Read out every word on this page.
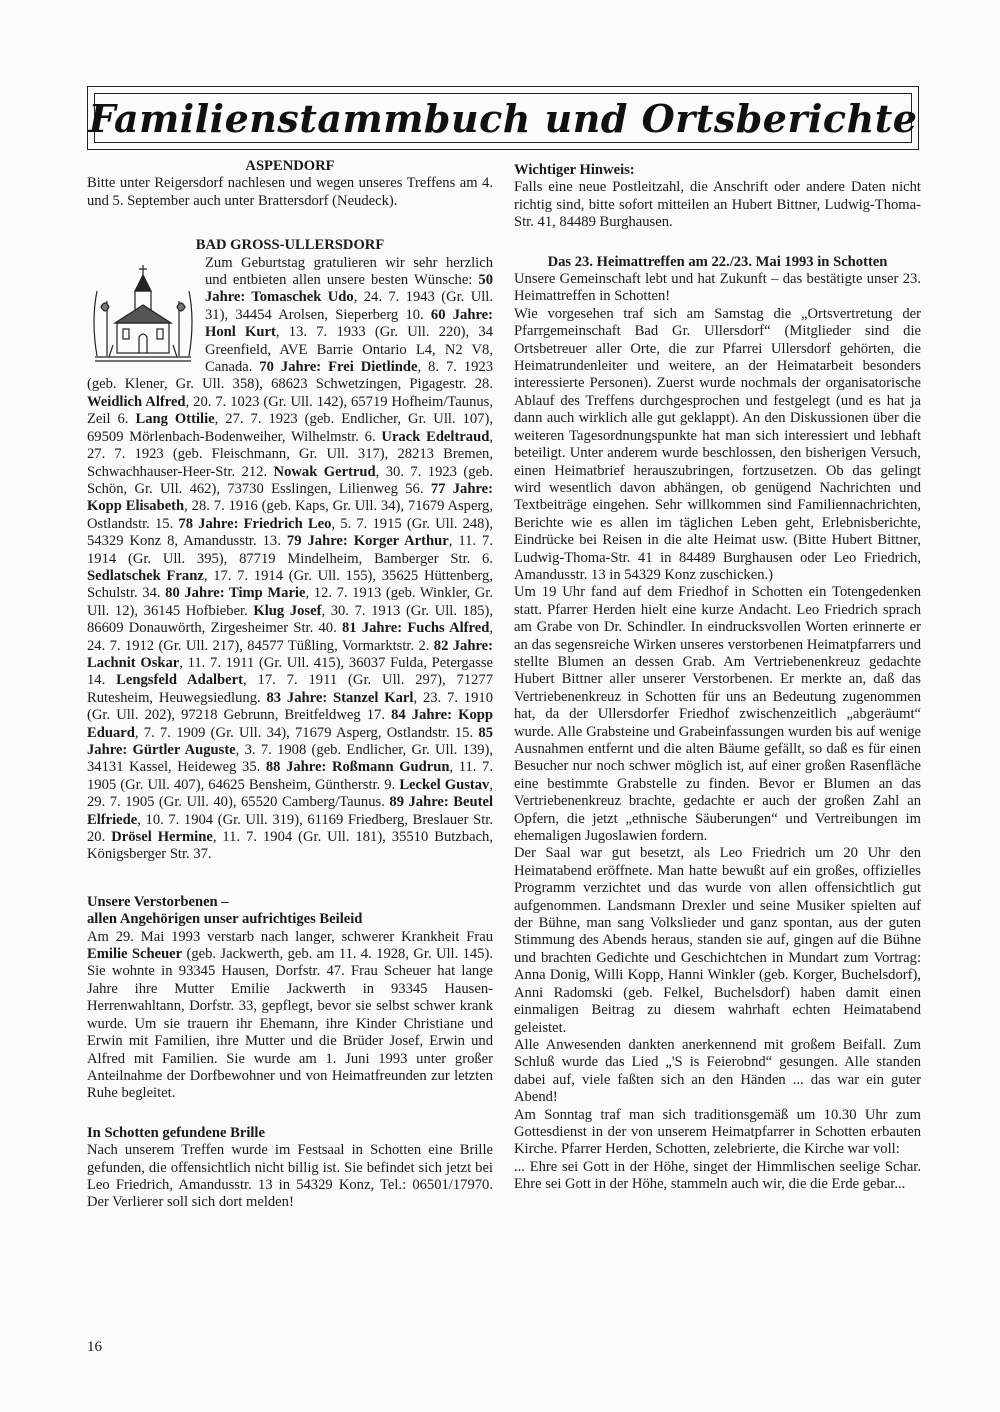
Familienstammbuch und Ortsberichte

ASPENDORF

Bitte unter Reigersdorf nachlesen und wegen unseres Treffens am 4. und 5. September auch unter Brattersdorf (Neudeck).

BAD GROSS-ULLERSDORF

Zum Geburtstag gratulieren wir sehr herzlich und entbieten allen unsere besten Wünsche: 50 Jahre: Tomaschek Udo, 24. 7. 1943 (Gr. Ull. 31), 34454 Arolsen, Sieperberg 10. 60 Jahre: Honl Kurt, 13. 7. 1933 (Gr. Ull. 220), 34 Greenfield, AVE Barrie Ontario L4, N2 V8, Canada. 70 Jahre: Frei Dietlinde, 8. 7. 1923 (geb. Klener, Gr. Ull. 358), 68623 Schwetzingen, Pigagestr. 28. Weidlich Alfred, 20. 7. 1023 (Gr. Ull. 142), 65719 Hofheim/Taunus, Zeil 6. Lang Ottilie, 27. 7. 1923 (geb. Endlicher, Gr. Ull. 107), 69509 Mörlenbach-Bodenweiher, Wilhelmstr. 6. Urack Edeltraud, 27. 7. 1923 (geb. Fleischmann, Gr. Ull. 317), 28213 Bremen, Schwachhauser-Heer-Str. 212. Nowak Gertrud, 30. 7. 1923 (geb. Schön, Gr. Ull. 462), 73730 Esslingen, Lilienweg 56. 77 Jahre: Kopp Elisabeth, 28. 7. 1916 (geb. Kaps, Gr. Ull. 34), 71679 Asperg, Ostlandstr. 15. 78 Jahre: Friedrich Leo, 5. 7. 1915 (Gr. Ull. 248), 54329 Konz 8, Amandusstr. 13. 79 Jahre: Korger Arthur, 11. 7. 1914 (Gr. Ull. 395), 87719 Mindelheim, Bamberger Str. 6. Sedlatschek Franz, 17. 7. 1914 (Gr. Ull. 155), 35625 Hüttenberg, Schulstr. 34. 80 Jahre: Timp Marie, 12. 7. 1913 (geb. Winkler, Gr. Ull. 12), 36145 Hofbieber. Klug Josef, 30. 7. 1913 (Gr. Ull. 185), 86609 Donauwörth, Zirgesheimer Str. 40. 81 Jahre: Fuchs Alfred, 24. 7. 1912 (Gr. Ull. 217), 84577 Tüßling, Vormarktstr. 2. 82 Jahre: Lachnit Oskar, 11. 7. 1911 (Gr. Ull. 415), 36037 Fulda, Petergasse 14. Lengsfeld Adalbert, 17. 7. 1911 (Gr. Ull. 297), 71277 Rutesheim, Heuwegsiedlung. 83 Jahre: Stanzel Karl, 23. 7. 1910 (Gr. Ull. 202), 97218 Gebrunn, Breitfeldweg 17. 84 Jahre: Kopp Eduard, 7. 7. 1909 (Gr. Ull. 34), 71679 Asperg, Ostlandstr. 15. 85 Jahre: Gürtler Auguste, 3. 7. 1908 (geb. Endlicher, Gr. Ull. 139), 34131 Kassel, Heideweg 35. 88 Jahre: Roßmann Gudrun, 11. 7. 1905 (Gr. Ull. 407), 64625 Bensheim, Güntherstr. 9. Leckel Gustav, 29. 7. 1905 (Gr. Ull. 40), 65520 Camberg/Taunus. 89 Jahre: Beutel Elfriede, 10. 7. 1904 (Gr. Ull. 319), 61169 Friedberg, Breslauer Str. 20. Drösel Hermine, 11. 7. 1904 (Gr. Ull. 181), 35510 Butzbach, Königsberger Str. 37.

Unsere Verstorbenen –

allen Angehörigen unser aufrichtiges Beileid

Am 29. Mai 1993 verstarb nach langer, schwerer Krankheit Frau Emilie Scheuer (geb. Jackwerth, geb. am 11. 4. 1928, Gr. Ull. 145). Sie wohnte in 93345 Hausen, Dorfstr. 47. Frau Scheuer hat lange Jahre ihre Mutter Emilie Jackwerth in 93345 Hausen-Herrenwahltann, Dorfstr. 33, gepflegt, bevor sie selbst schwer krank wurde. Um sie trauern ihr Ehemann, ihre Kinder Christiane und Erwin mit Familien, ihre Mutter und die Brüder Josef, Erwin und Alfred mit Familien. Sie wurde am 1. Juni 1993 unter großer Anteilnahme der Dorfbewohner und von Heimatfreunden zur letzten Ruhe begleitet.

In Schotten gefundene Brille

Nach unserem Treffen wurde im Festsaal in Schotten eine Brille gefunden, die offensichtlich nicht billig ist. Sie befindet sich jetzt bei Leo Friedrich, Amandusstr. 13 in 54329 Konz, Tel.: 06501/17970. Der Verlierer soll sich dort melden!

Wichtiger Hinweis:

Falls eine neue Postleitzahl, die Anschrift oder andere Daten nicht richtig sind, bitte sofort mitteilen an Hubert Bittner, Ludwig-Thoma-Str. 41, 84489 Burghausen.

Das 23. Heimattreffen am 22./23. Mai 1993 in Schotten

Unsere Gemeinschaft lebt und hat Zukunft – das bestätigte unser 23. Heimattreffen in Schotten!

Wie vorgesehen traf sich am Samstag die „Ortsvertretung der Pfarrgemeinschaft Bad Gr. Ullersdorf“ (Mitglieder sind die Ortsbetreuer aller Orte, die zur Pfarrei Ullersdorf gehörten, die Heimatrundenleiter und weitere, an der Heimatarbeit besonders interessierte Personen). Zuerst wurde nochmals der organisatorische Ablauf des Treffens durchgesprochen und festgelegt (und es hat ja dann auch wirklich alle gut geklappt). An den Diskussionen über die weiteren Tagesordnungspunkte hat man sich interessiert und lebhaft beteiligt. Unter anderem wurde beschlossen, den bisherigen Versuch, einen Heimatbrief herauszubringen, fortzusetzen. Ob das gelingt wird wesentlich davon abhängen, ob genügend Nachrichten und Textbeiträge eingehen. Sehr willkommen sind Familiennachrichten, Berichte wie es allen im täglichen Leben geht, Erlebnisberichte, Eindrücke bei Reisen in die alte Heimat usw. (Bitte Hubert Bittner, Ludwig-Thoma-Str. 41 in 84489 Burghausen oder Leo Friedrich, Amandusstr. 13 in 54329 Konz zuschicken.)

Um 19 Uhr fand auf dem Friedhof in Schotten ein Totengedenken statt. Pfarrer Herden hielt eine kurze Andacht. Leo Friedrich sprach am Grabe von Dr. Schindler. In eindrucksvollen Worten erinnerte er an das segensreiche Wirken unseres verstorbenen Heimatpfarrers und stellte Blumen an dessen Grab. Am Vertriebenenkreuz gedachte Hubert Bittner aller unserer Verstorbenen. Er merkte an, daß das Vertriebenenkreuz in Schotten für uns an Bedeutung zugenommen hat, da der Ullersdorfer Friedhof zwischenzeitlich „abgeräumt“ wurde. Alle Grabsteine und Grabeinfassungen wurden bis auf wenige Ausnahmen entfernt und die alten Bäume gefällt, so daß es für einen Besucher nur noch schwer möglich ist, auf einer großen Rasenfläche eine bestimmte Grabstelle zu finden. Bevor er Blumen an das Vertriebenenkreuz brachte, gedachte er auch der großen Zahl an Opfern, die jetzt „ethnische Säuberungen“ und Vertreibungen im ehemaligen Jugoslawien fordern.

Der Saal war gut besetzt, als Leo Friedrich um 20 Uhr den Heimatabend eröffnete. Man hatte bewußt auf ein großes, offizielles Programm verzichtet und das wurde von allen offensichtlich gut aufgenommen. Landsmann Drexler und seine Musiker spielten auf der Bühne, man sang Volkslieder und ganz spontan, aus der guten Stimmung des Abends heraus, standen sie auf, gingen auf die Bühne und brachten Gedichte und Geschichtchen in Mundart zum Vortrag: Anna Donig, Willi Kopp, Hanni Winkler (geb. Korger, Buchelsdorf), Anni Radomski (geb. Felkel, Buchelsdorf) haben damit einen einmaligen Beitrag zu diesem wahrhaft echten Heimatabend geleistet.

Alle Anwesenden dankten anerkennend mit großem Beifall. Zum Schluß wurde das Lied „'S is Feierobnd“ gesungen. Alle standen dabei auf, viele faßten sich an den Händen ... das war ein guter Abend!

Am Sonntag traf man sich traditionsgemäß um 10.30 Uhr zum Gottesdienst in der von unserem Heimatpfarrer in Schotten erbauten Kirche. Pfarrer Herden, Schotten, zelebrierte, die Kirche war voll:

... Ehre sei Gott in der Höhe, singet der Himmlischen seelige Schar. Ehre sei Gott in der Höhe, stammeln auch wir, die die Erde gebar...

16
